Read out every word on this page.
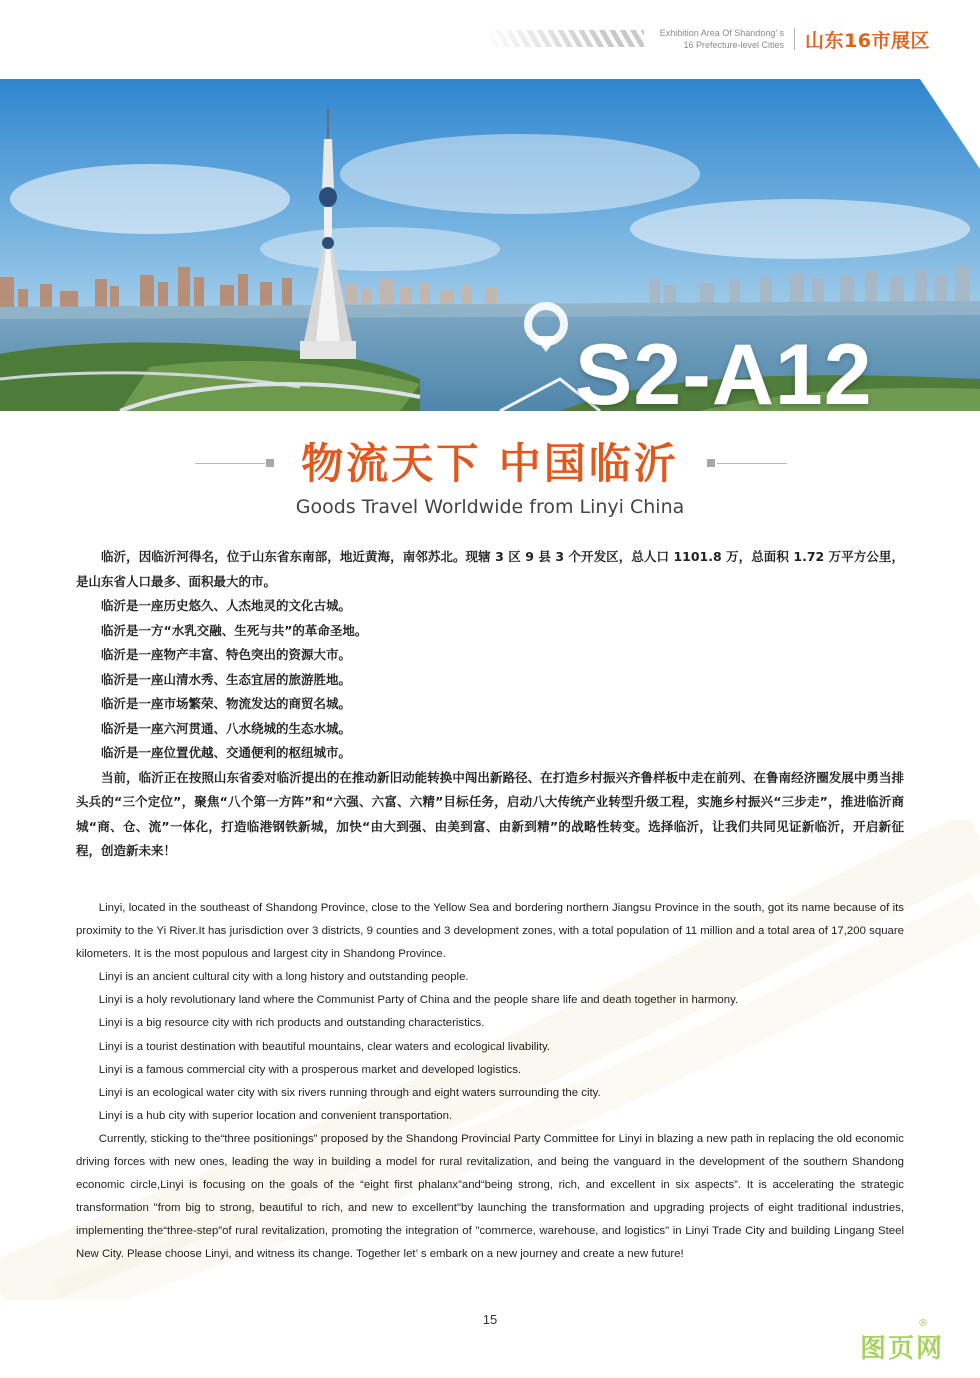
Exhibition Area Of Shandong’ s
16 Prefecture-level Cities 山东16市展区
S2-A12
物流天下 中国临沂
Goods Travel Worldwide from Linyi China

临沂，因临沂河得名，位于山东省东南部，地近黄海，南邻苏北。现辖 3 区 9 县 3 个开发区，总人口 1101.8 万，总面积 1.72 万平方公里，是山东省人口最多、面积最大的市。

临沂是一座历史悠久、人杰地灵的文化古城。

临沂是一方“水乳交融、生死与共”的革命圣地。

临沂是一座物产丰富、特色突出的资源大市。

临沂是一座山清水秀、生态宜居的旅游胜地。

临沂是一座市场繁荣、物流发达的商贸名城。

临沂是一座六河贯通、八水绕城的生态水城。

临沂是一座位置优越、交通便利的枢纽城市。

当前，临沂正在按照山东省委对临沂提出的在推动新旧动能转换中闯出新路径、在打造乡村振兴齐鲁样板中走在前列、在鲁南经济圈发展中勇当排头兵的“三个定位”，聚焦“八个第一方阵”和“六强、六富、六精”目标任务，启动八大传统产业转型升级工程，实施乡村振兴“三步走”，推进临沂商城“商、仓、流”一体化，打造临港钢铁新城，加快“由大到强、由美到富、由新到精”的战略性转变。选择临沂，让我们共同见证新临沂，开启新征程，创造新未来！

Linyi, located in the southeast of Shandong Province, close to the Yellow Sea and bordering northern Jiangsu Province in the south, got its name because of its proximity to the Yi River.It has jurisdiction over 3 districts, 9 counties and 3 development zones, with a total population of 11 million and a total area of 17,200 square kilometers. It is the most populous and largest city in Shandong Province.

Linyi is an ancient cultural city with a long history and outstanding people.

Linyi is a holy revolutionary land where the Communist Party of China and the people share life and death together in harmony.

Linyi is a big resource city with rich products and outstanding characteristics.

Linyi is a tourist destination with beautiful mountains, clear waters and ecological livability.

Linyi is a famous commercial city with a prosperous market and developed logistics.

Linyi is an ecological water city with six rivers running through and eight waters surrounding the city.

Linyi is a hub city with superior location and convenient transportation.

Currently, sticking to the“three positionings” proposed by the Shandong Provincial Party Committee for Linyi in blazing a new path in replacing the old economic driving forces with new ones, leading the way in building a model for rural revitalization, and being the vanguard in the development of the southern Shandong economic circle,Linyi is focusing on the goals of the “eight first phalanx”and“being strong, rich, and excellent in six aspects”. It is accelerating the strategic transformation "from big to strong, beautiful to rich, and new to excellent"by launching the transformation and upgrading projects of eight traditional industries, implementing the“three-step”of rural revitalization, promoting the integration of "commerce, warehouse, and logistics" in Linyi Trade City and building Lingang Steel New City. Please choose Linyi, and witness its change. Together let’ s embark on a new journey and create a new future!

15
图页网
®
